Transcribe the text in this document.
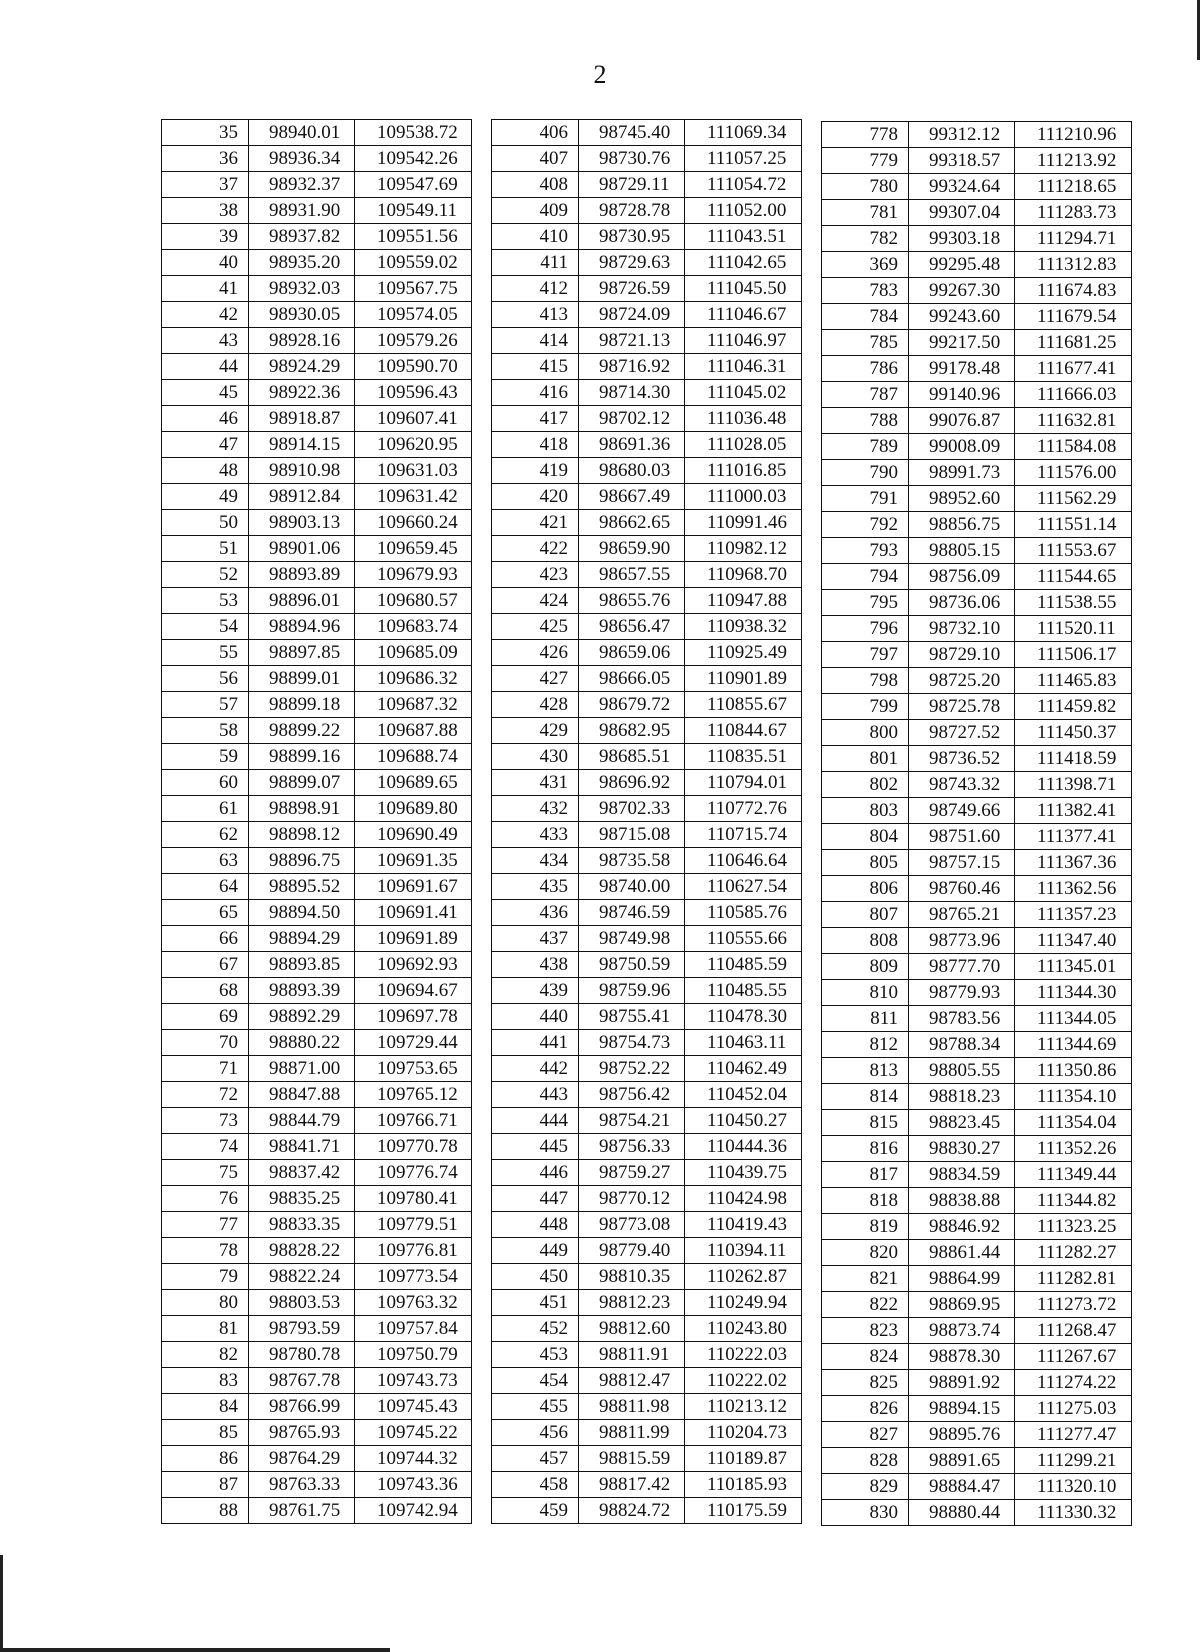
2
35	98940.01	109538.72
36	98936.34	109542.26
37	98932.37	109547.69
38	98931.90	109549.11
39	98937.82	109551.56
40	98935.20	109559.02
41	98932.03	109567.75
42	98930.05	109574.05
43	98928.16	109579.26
44	98924.29	109590.70
45	98922.36	109596.43
46	98918.87	109607.41
47	98914.15	109620.95
48	98910.98	109631.03
49	98912.84	109631.42
50	98903.13	109660.24
51	98901.06	109659.45
52	98893.89	109679.93
53	98896.01	109680.57
54	98894.96	109683.74
55	98897.85	109685.09
56	98899.01	109686.32
57	98899.18	109687.32
58	98899.22	109687.88
59	98899.16	109688.74
60	98899.07	109689.65
61	98898.91	109689.80
62	98898.12	109690.49
63	98896.75	109691.35
64	98895.52	109691.67
65	98894.50	109691.41
66	98894.29	109691.89
67	98893.85	109692.93
68	98893.39	109694.67
69	98892.29	109697.78
70	98880.22	109729.44
71	98871.00	109753.65
72	98847.88	109765.12
73	98844.79	109766.71
74	98841.71	109770.78
75	98837.42	109776.74
76	98835.25	109780.41
77	98833.35	109779.51
78	98828.22	109776.81
79	98822.24	109773.54
80	98803.53	109763.32
81	98793.59	109757.84
82	98780.78	109750.79
83	98767.78	109743.73
84	98766.99	109745.43
85	98765.93	109745.22
86	98764.29	109744.32
87	98763.33	109743.36
88	98761.75	109742.94
406	98745.40	111069.34
407	98730.76	111057.25
408	98729.11	111054.72
409	98728.78	111052.00
410	98730.95	111043.51
411	98729.63	111042.65
412	98726.59	111045.50
413	98724.09	111046.67
414	98721.13	111046.97
415	98716.92	111046.31
416	98714.30	111045.02
417	98702.12	111036.48
418	98691.36	111028.05
419	98680.03	111016.85
420	98667.49	111000.03
421	98662.65	110991.46
422	98659.90	110982.12
423	98657.55	110968.70
424	98655.76	110947.88
425	98656.47	110938.32
426	98659.06	110925.49
427	98666.05	110901.89
428	98679.72	110855.67
429	98682.95	110844.67
430	98685.51	110835.51
431	98696.92	110794.01
432	98702.33	110772.76
433	98715.08	110715.74
434	98735.58	110646.64
435	98740.00	110627.54
436	98746.59	110585.76
437	98749.98	110555.66
438	98750.59	110485.59
439	98759.96	110485.55
440	98755.41	110478.30
441	98754.73	110463.11
442	98752.22	110462.49
443	98756.42	110452.04
444	98754.21	110450.27
445	98756.33	110444.36
446	98759.27	110439.75
447	98770.12	110424.98
448	98773.08	110419.43
449	98779.40	110394.11
450	98810.35	110262.87
451	98812.23	110249.94
452	98812.60	110243.80
453	98811.91	110222.03
454	98812.47	110222.02
455	98811.98	110213.12
456	98811.99	110204.73
457	98815.59	110189.87
458	98817.42	110185.93
459	98824.72	110175.59
778	99312.12	111210.96
779	99318.57	111213.92
780	99324.64	111218.65
781	99307.04	111283.73
782	99303.18	111294.71
369	99295.48	111312.83
783	99267.30	111674.83
784	99243.60	111679.54
785	99217.50	111681.25
786	99178.48	111677.41
787	99140.96	111666.03
788	99076.87	111632.81
789	99008.09	111584.08
790	98991.73	111576.00
791	98952.60	111562.29
792	98856.75	111551.14
793	98805.15	111553.67
794	98756.09	111544.65
795	98736.06	111538.55
796	98732.10	111520.11
797	98729.10	111506.17
798	98725.20	111465.83
799	98725.78	111459.82
800	98727.52	111450.37
801	98736.52	111418.59
802	98743.32	111398.71
803	98749.66	111382.41
804	98751.60	111377.41
805	98757.15	111367.36
806	98760.46	111362.56
807	98765.21	111357.23
808	98773.96	111347.40
809	98777.70	111345.01
810	98779.93	111344.30
811	98783.56	111344.05
812	98788.34	111344.69
813	98805.55	111350.86
814	98818.23	111354.10
815	98823.45	111354.04
816	98830.27	111352.26
817	98834.59	111349.44
818	98838.88	111344.82
819	98846.92	111323.25
820	98861.44	111282.27
821	98864.99	111282.81
822	98869.95	111273.72
823	98873.74	111268.47
824	98878.30	111267.67
825	98891.92	111274.22
826	98894.15	111275.03
827	98895.76	111277.47
828	98891.65	111299.21
829	98884.47	111320.10
830	98880.44	111330.32
